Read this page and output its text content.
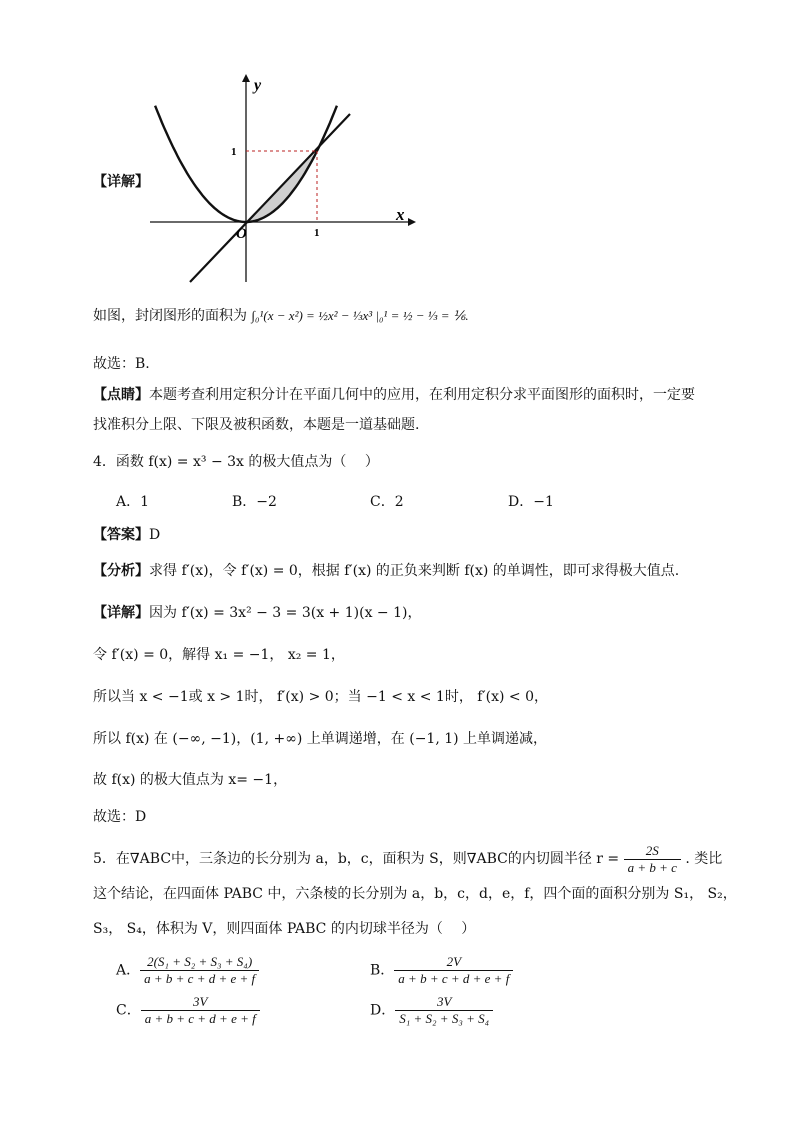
【详解】
y
x
O
1
1
如图，封闭图形的面积为 ∫₀¹(x − x²) = ½x² − ⅓x³ |₀¹ = ½ − ⅓ = ⅙.
故选：B.
【点睛】本题考查利用定积分计在平面几何中的应用，在利用定积分求平面图形的面积时，一定要
找准积分上限、下限及被积函数，本题是一道基础题.
4．函数 f(x) = x³ − 3x 的极大值点为（　 ）
A．1	B．−2	C．2	D．−1
【答案】D
【分析】求得 f′(x)，令 f′(x) = 0，根据 f′(x) 的正负来判断 f(x) 的单调性，即可求得极大值点.
【详解】因为 f′(x) = 3x² − 3 = 3(x + 1)(x − 1)，
令 f′(x) = 0，解得 x₁ = −1， x₂ = 1，
所以当 x < −1或 x > 1时， f′(x) > 0；当 −1 < x < 1时， f′(x) < 0，
所以 f(x) 在 (−∞, −1)，(1, +∞) 上单调递增，在 (−1, 1) 上单调递减，
故 f(x) 的极大值点为 x= −1，
故选：D
5．在∇ABC中，三条边的长分别为 a，b，c，面积为 S，则∇ABC的内切圆半径 $r = \frac{2S}{a + b + c}$ . 类比
这个结论，在四面体 PABC 中，六条棱的长分别为 a，b，c，d，e，f，四个面的面积分别为 S₁， S₂，
S₃， S₄，体积为 V，则四面体 PABC 的内切球半径为（　 ）
A． $\frac{\text{2(S₁ + S₂ + S₃ + S₄)}}{a + b + c + d + e + f}$	B． $\frac{2V}{a + b + c + d + e + f}$
C． $\frac{3V}{a + b + c + d + e + f}$	D． $\frac{3V}{\text{S₁ + S₂ + S₃ + S₄}}$
